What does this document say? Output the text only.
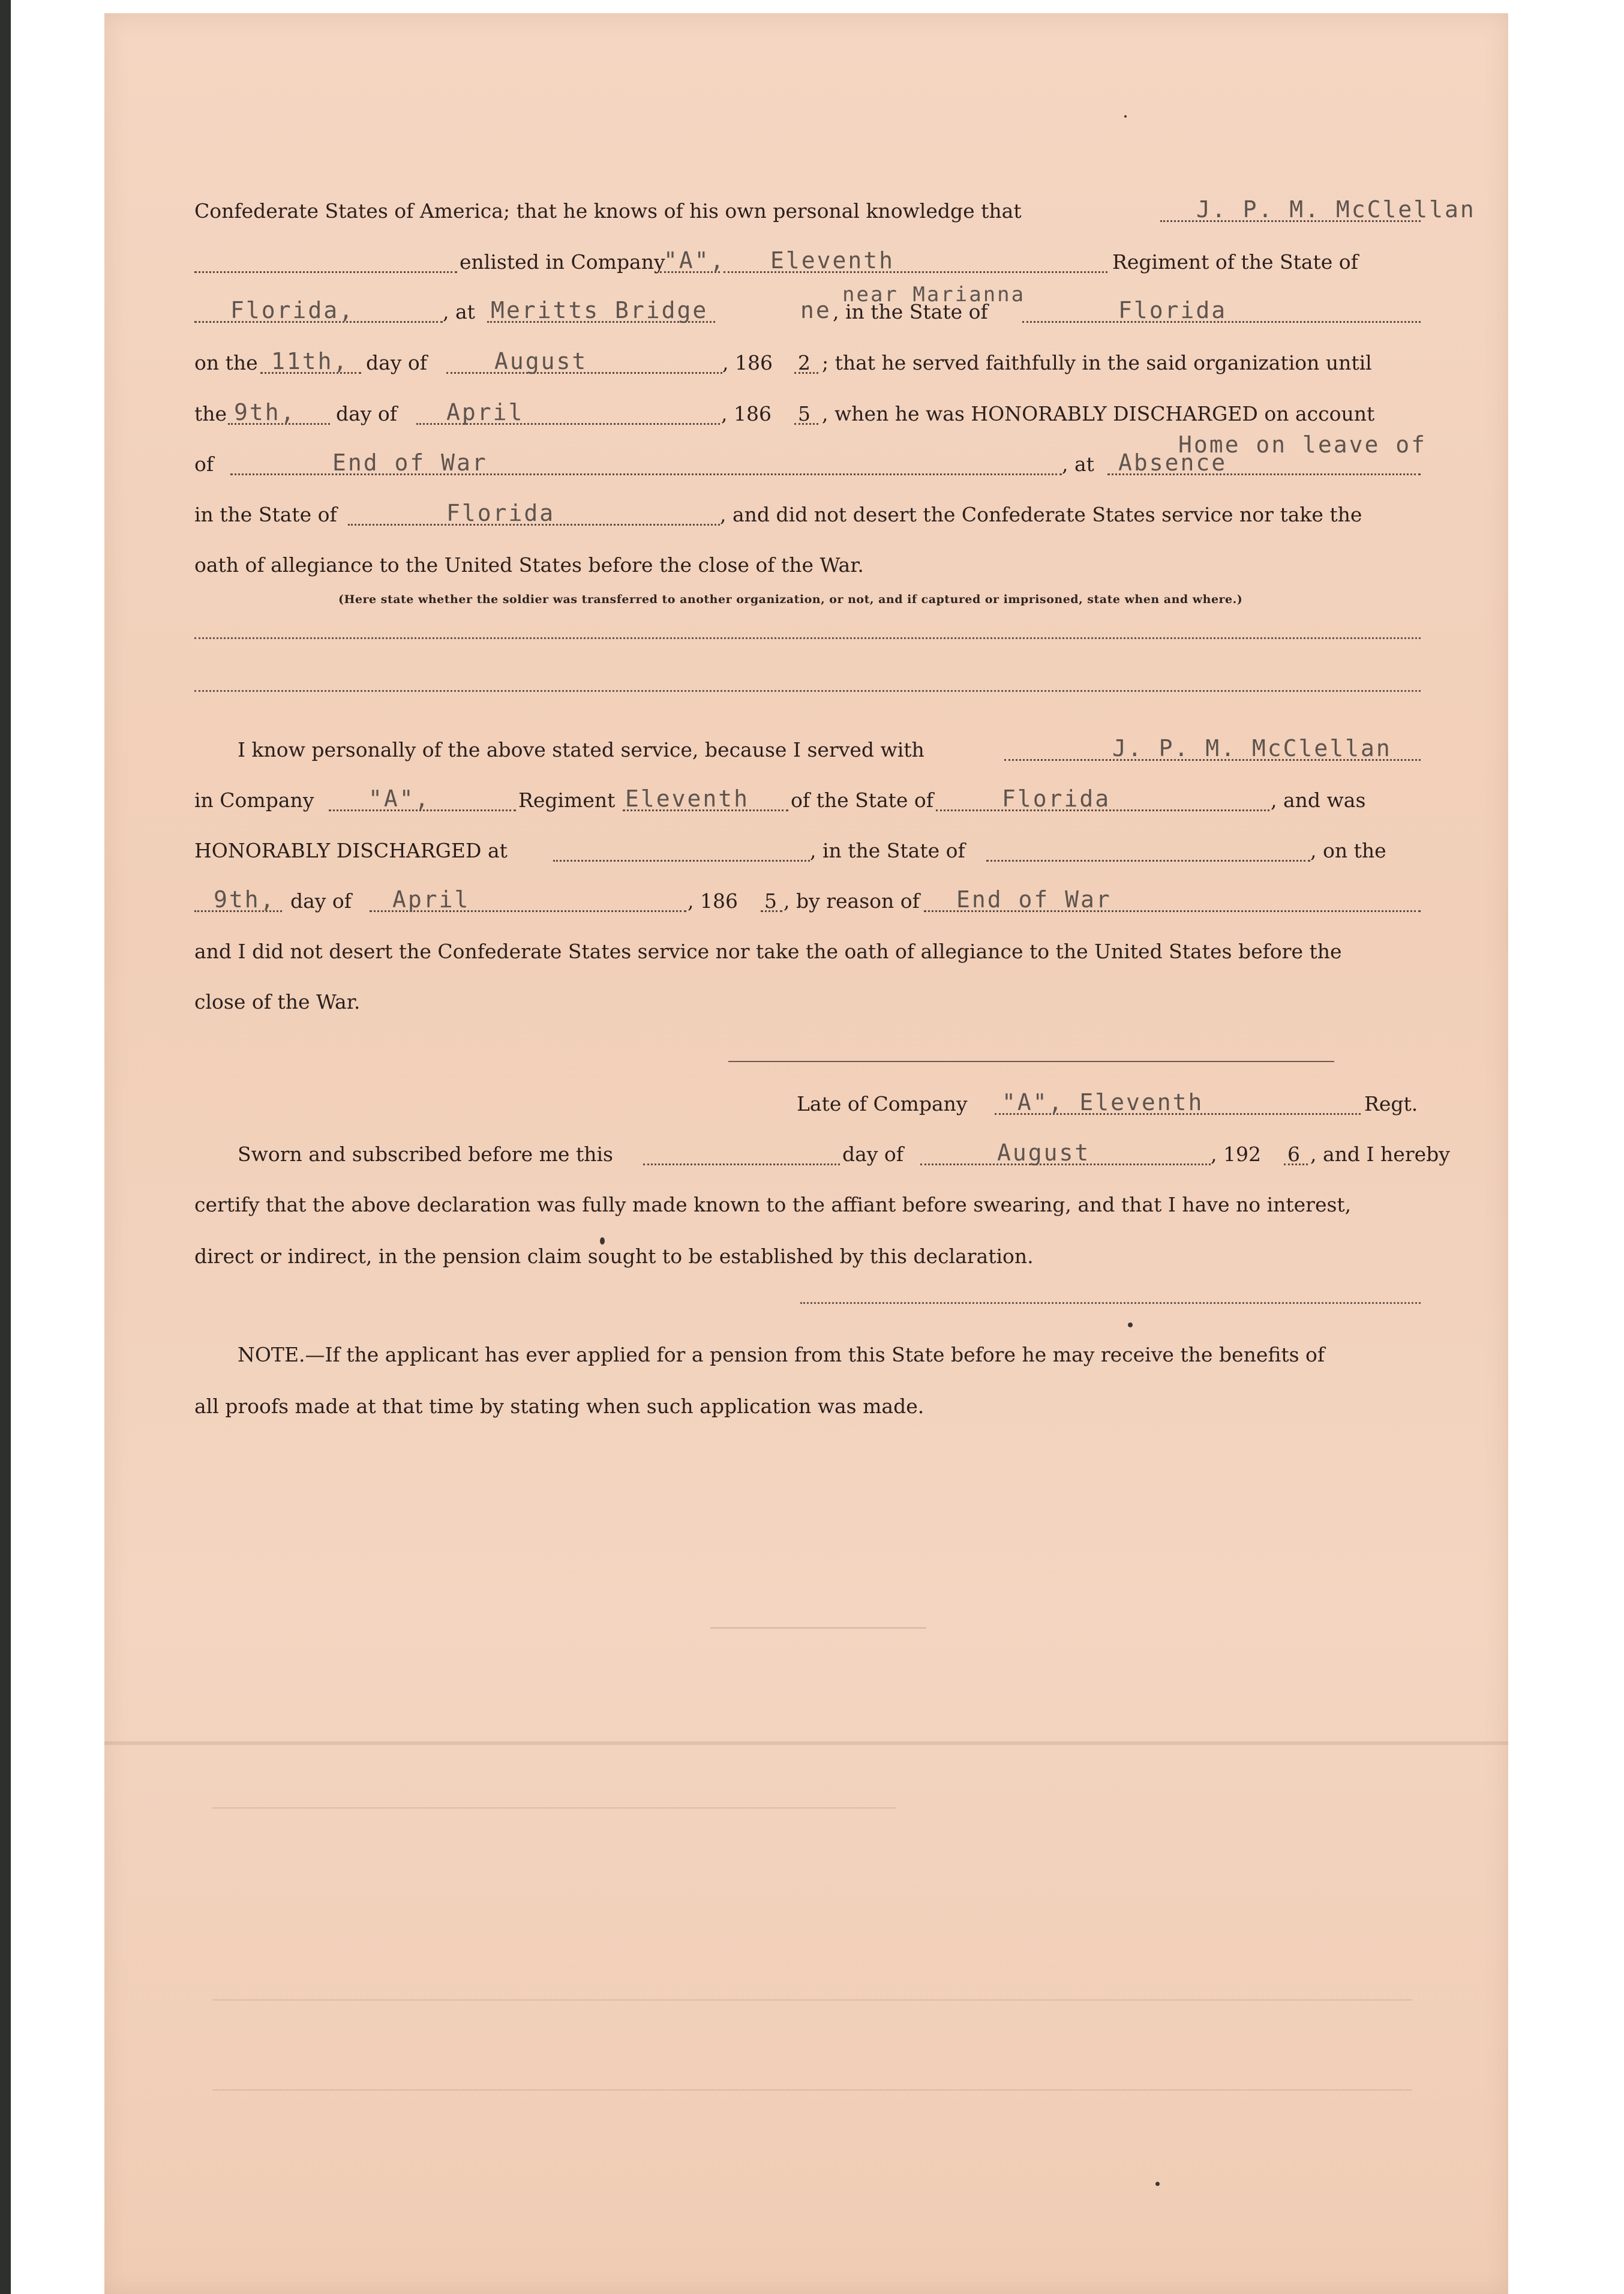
Confederate States of America; that he knows of his own personal knowledge that	J. P. M. McClellan
enlisted in Company
"A", Eleventh	Regiment of the State of
Florida,	, at Meritts Bridge
near Marianna
ne , in the State of	Florida
on the 11th, day of	August	, 186 2 ; that he served faithfully in the said organization until
the 9th, day of April	, 186 5 , when he was HONORABLY DISCHARGED on account
of	End of War	, at
Home on leave of
Absence
in the State of	Florida	, and did not desert the Confederate States service nor take the
oath of allegiance to the United States before the close of the War.
(Here state whether the soldier was transferred to another organization, or not, and if captured or imprisoned, state when and where.)
I know personally of the above stated service, because I served with	J. P. M. McClellan
in Company "A",	Regiment Eleventh of the State of	Florida	, and was
HONORABLY DISCHARGED at	, in the State of	, on the
9th, day of April	, 186 5 , by reason of End of War
and I did not desert the Confederate States service nor take the oath of allegiance to the United States before the
close of the War.
Late of Company "A", Eleventh	Regt.
Sworn and subscribed before me this	day of	August	, 192 6 , and I hereby
certify that the above declaration was fully made known to the affiant before swearing, and that I have no interest,
direct or indirect, in the pension claim sought to be established by this declaration.
NOTE.—If the applicant has ever applied for a pension from this State before he may receive the benefits of
all proofs made at that time by stating when such application was made.
